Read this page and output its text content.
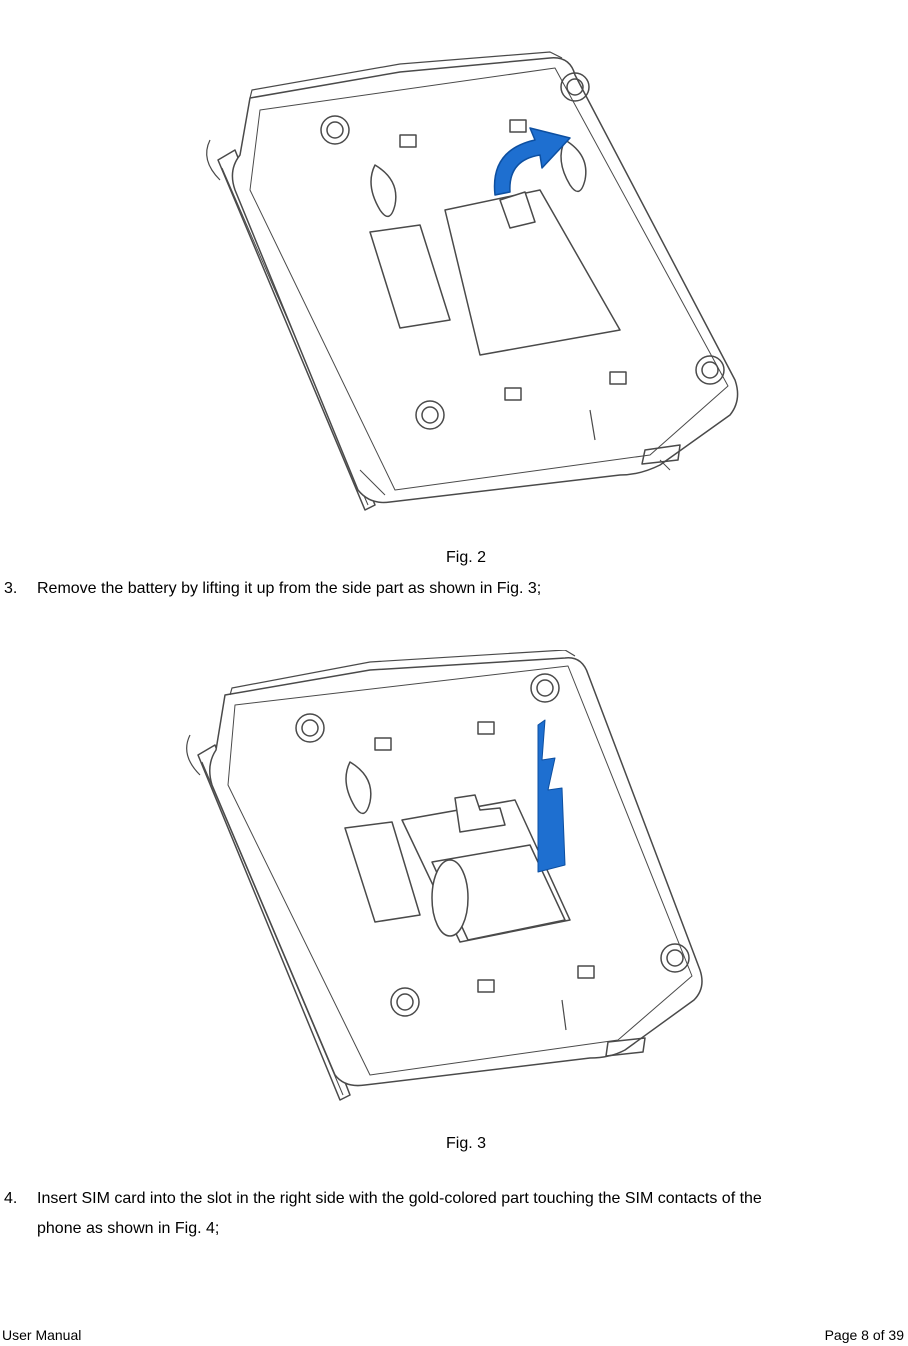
Fig. 2
3. Remove the battery by lifting it up from the side part as shown in Fig. 3;
Fig. 3
4. Insert SIM card into the slot in the right side with the gold-colored part touching the SIM contacts of the
phone as shown in Fig. 4;
User Manual	Page 8 of 39
